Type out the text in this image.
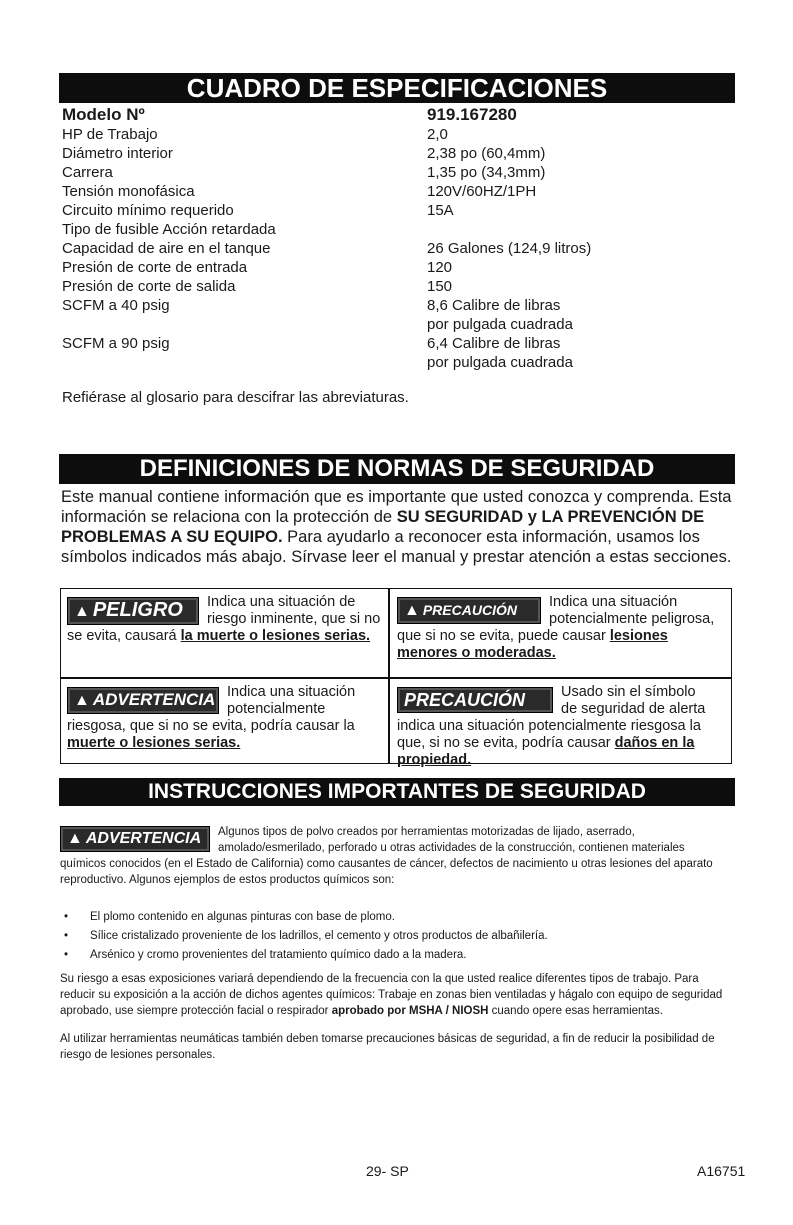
CUADRO DE ESPECIFICACIONES
Modelo Nº	919.167280
HP de Trabajo	2,0
Diámetro interior	2,38 po (60,4mm)
Carrera	1,35 po (34,3mm)
Tensión monofásica	120V/60HZ/1PH
Circuito mínimo requerido	15A
Tipo de fusible Acción retardada
Capacidad de aire en el tanque	26 Galones (124,9 litros)
Presión de corte de entrada	120
Presión de corte de salida	150
SCFM a 40 psig	8,6 Calibre de libras
por pulgada cuadrada
SCFM a 90 psig	6,4 Calibre de libras
por pulgada cuadrada
Refiérase al glosario para descifrar las abreviaturas.
DEFINICIONES DE NORMAS DE SEGURIDAD
Este manual contiene información que es importante que usted conozca y comprenda. Esta información se relaciona con la protección de SU SEGURIDAD y LA PREVENCIÓN DE PROBLEMAS A SU EQUIPO. Para ayudarlo a reconocer esta información, usamos los símbolos indicados más abajo. Sírvase leer el manual y prestar atención a estas secciones.
▲ PELIGRO	Indica una situación de riesgo inminente, que si no se evita, causará la muerte o lesiones serias.
▲ PRECAUCIÓN	Indica una situación potencialmente peligrosa, que si no se evita, puede causar lesiones menores o moderadas.
▲ ADVERTENCIA Indica una situación potencialmente riesgosa, que si no se evita, podría causar la muerte o lesiones serias.
PRECAUCIÓN	Usado sin el símbolo de seguridad de alerta indica una situación potencialmente riesgosa la que, si no se evita, podría causar daños en la propiedad.
INSTRUCCIONES IMPORTANTES DE SEGURIDAD

▲ ADVERTENCIA	Algunos tipos de polvo creados por herramientas motorizadas de lijado, aserrado, amolado/esmerilado, perforado u otras actividades de la construcción, contienen materiales químicos conocidos (en el Estado de California) como causantes de cáncer, defectos de nacimiento u otras lesiones del aparato reproductivo. Algunos ejemplos de estos productos químicos son:

• El plomo contenido en algunas pinturas con base de plomo.
• Sílice cristalizado proveniente de los ladrillos, el cemento y otros productos de albañilería.
• Arsénico y cromo provenientes del tratamiento químico dado a la madera.

Su riesgo a esas exposiciones variará dependiendo de la frecuencia con la que usted realice diferentes tipos de trabajo. Para reducir su exposición a la acción de dichos agentes químicos: Trabaje en zonas bien ventiladas y hágalo con equipo de seguridad aprobado, use siempre protección facial o respirador aprobado por MSHA / NIOSH cuando opere esas herramientas.

Al utilizar herramientas neumáticas también deben tomarse precauciones básicas de seguridad, a fin de reducir la posibilidad de riesgo de lesiones personales.

29- SP	A16751
